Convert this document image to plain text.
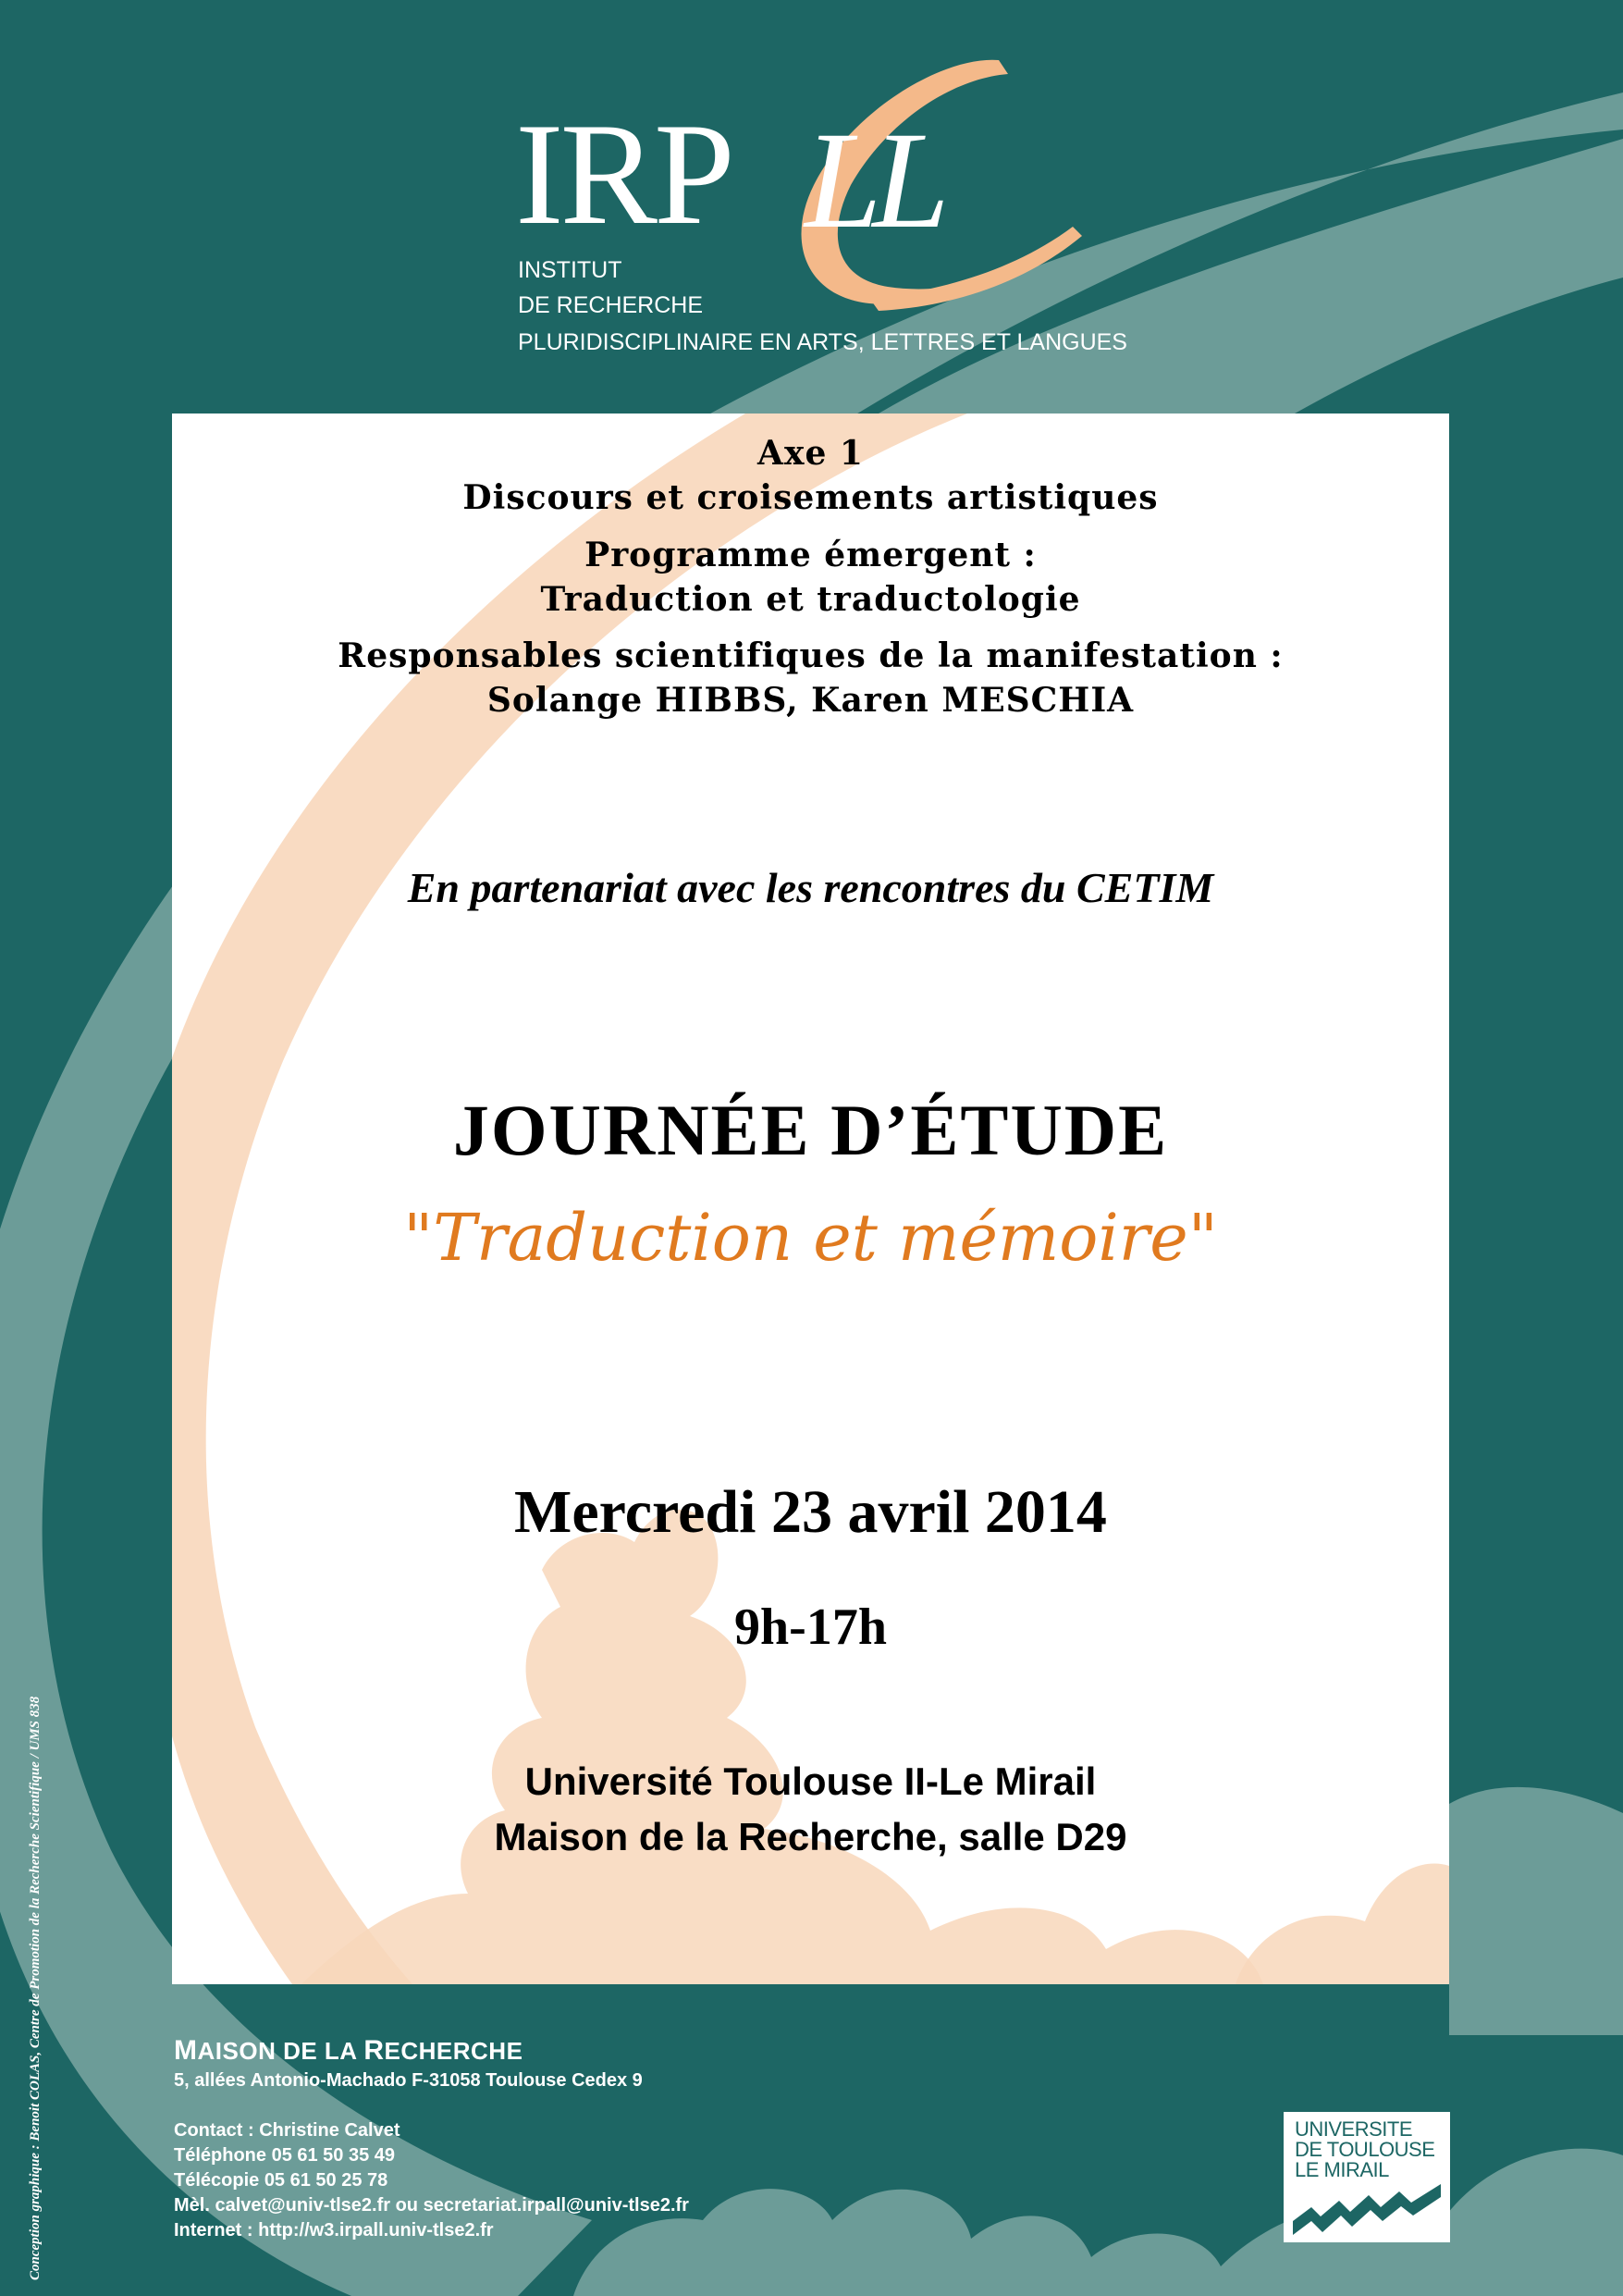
IRP LL
INSTITUT
DE RECHERCHE
PLURIDISCIPLINAIRE EN ARTS, LETTRES ET LANGUES
Axe 1
Discours et croisements artistiques
Programme émergent :
Traduction et traductologie
Responsables scientifiques de la manifestation :
Solange HIBBS, Karen MESCHIA
En partenariat avec les rencontres du CETIM
JOURNÉE D’ÉTUDE
"Traduction et mémoire"
Mercredi 23 avril 2014
9h-17h
Université Toulouse II-Le Mirail
Maison de la Recherche, salle D29
MAISON DE LA RECHERCHE
5, allées Antonio-Machado F-31058 Toulouse Cedex 9
Contact : Christine Calvet
Téléphone 05 61 50 35 49
Télécopie 05 61 50 25 78
Mèl. calvet@univ-tlse2.fr ou secretariat.irpall@univ-tlse2.fr
Internet : http://w3.irpall.univ-tlse2.fr
Conception graphique : Benoit COLAS, Centre de Promotion de la Recherche Scientifique / UMS 838	UNIVERSITE
DE TOULOUSE
LE MIRAIL
